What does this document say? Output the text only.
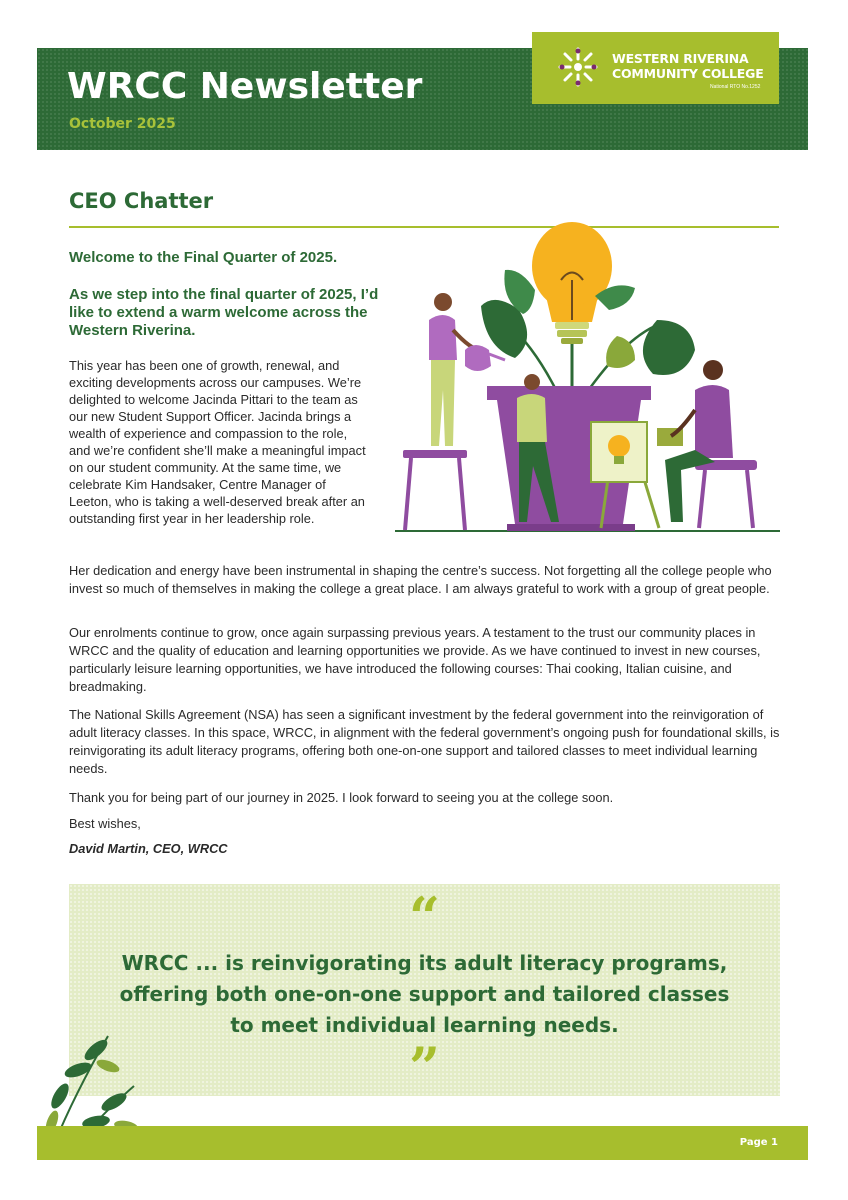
WRCC Newsletter
October 2025
WESTERN RIVERINA
COMMUNITY COLLEGE
National RTO No.1252
CEO Chatter
Welcome to the Final Quarter of 2025.
As we step into the final quarter of 2025, I’d like to extend a warm welcome across the Western Riverina.
This year has been one of growth, renewal, and exciting developments across our campuses. We’re delighted to welcome Jacinda Pittari to the team as our new Student Support Officer. Jacinda brings a wealth of experience and compassion to the role, and we’re confident she’ll make a meaningful impact on our student community. At the same time, we celebrate Kim Handsaker, Centre Manager of Leeton, who is taking a well-deserved break after an outstanding first year in her leadership role.
Her dedication and energy have been instrumental in shaping the centre’s success. Not forgetting all the college people who invest so much of themselves in making the college a great place. I am always grateful to work with a group of great people.
Our enrolments continue to grow, once again surpassing previous years. A testament to the trust our community places in WRCC and the quality of education and learning opportunities we provide. As we have continued to invest in new courses, particularly leisure learning opportunities, we have introduced the following courses: Thai cooking, Italian cuisine, and breadmaking.
The National Skills Agreement (NSA) has seen a significant investment by the federal government into the reinvigoration of adult literacy classes. In this space, WRCC, in alignment with the federal government’s ongoing push for foundational skills, is reinvigorating its adult literacy programs, offering both one-on-one support and tailored classes to meet individual learning needs.
Thank you for being part of our journey in 2025. I look forward to seeing you at the college soon.
Best wishes,
David Martin, CEO, WRCC
“
WRCC ... is reinvigorating its adult literacy programs, offering both one-on-one support and tailored classes to meet individual learning needs.
”
Page 1
